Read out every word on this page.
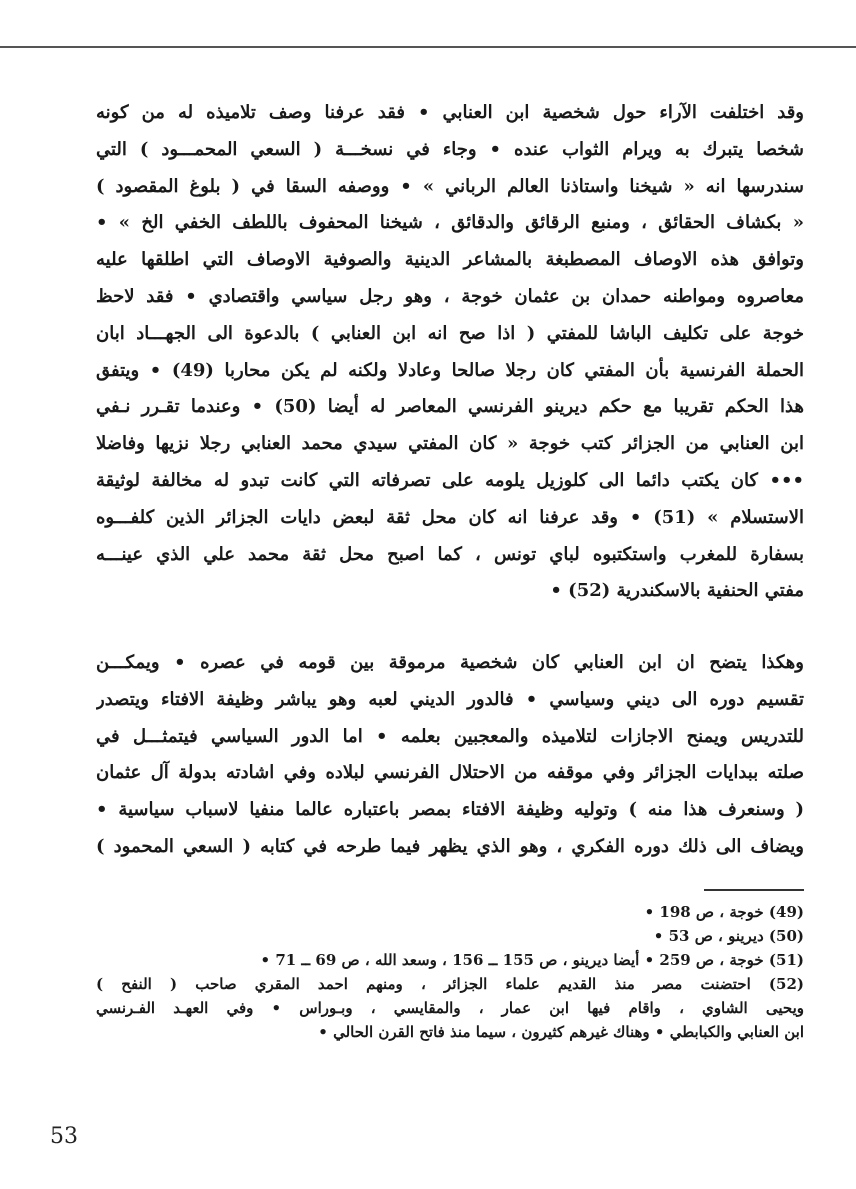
وقد اختلفت الآراء حول شخصية ابن العنابي • فقد عرفنا وصف تلاميذه له من كونه
شخصا يتبرك به ويرام الثواب عنده • وجاء في نسخـــة ( السعي المحمـــود ) التي
سندرسها انه « شيخنا واستاذنا العالم الرباني » • ووصفه السقا في ( بلوغ المقصود )
« بكشاف الحقائق ، ومنبع الرقائق والدقائق ، شيخنا المحفوف باللطف الخفي الخ » •
وتوافق هذه الاوصاف المصطبغة بالمشاعر الدينية والصوفية الاوصاف التي اطلقها عليه
معاصروه ومواطنه حمدان بن عثمان خوجة ، وهو رجل سياسي واقتصادي • فقد لاحظ
خوجة على تكليف الباشا للمفتي ( اذا صح انه ابن العنابي ) بالدعوة الى الجهـــاد ابان
الحملة الفرنسية بأن المفتي كان رجلا صالحا وعادلا ولكنه لم يكن محاربا (49) • ويتفق
هذا الحكم تقريبا مع حكم ديرينو الفرنسي المعاصر له أيضا (50) • وعندما تقـرر نـفي
ابن العنابي من الجزائر كتب خوجة « كان المفتي سيدي محمد العنابي رجلا نزيها وفاضلا
••• كان يكتب دائما الى كلوزيل يلومه على تصرفاته التي كانت تبدو له مخالفة لوثيقة
الاستسلام » (51) • وقد عرفنا انه كان محل ثقة لبعض دايات الجزائر الذين كلفـــوه
بسفارة للمغرب واستكتبوه لباي تونس ، كما اصبح محل ثقة محمد علي الذي عينـــه
مفتي الحنفية بالاسكندرية (52) •
وهكذا يتضح ان ابن العنابي كان شخصية مرموقة بين قومه في عصره • ويمكـــن
تقسيم دوره الى ديني وسياسي • فالدور الديني لعبه وهو يباشر وظيفة الافتاء ويتصدر
للتدريس ويمنح الاجازات لتلاميذه والمعجبين بعلمه • اما الدور السياسي فيتمثـــل في
صلته ببدايات الجزائر وفي موقفه من الاحتلال الفرنسي لبلاده وفي اشادته بدولة آل عثمان
( وسنعرف هذا منه ) وتوليه وظيفة الافتاء بمصر باعتباره عالما منفيا لاسباب سياسية •
ويضاف الى ذلك دوره الفكري ، وهو الذي يظهر فيما طرحه في كتابه ( السعي المحمود )
(49) خوجة ، ص 198 •
(50) ديرينو ، ص 53 •
(51) خوجة ، ص 259 • أيضا ديرينو ، ص 155 ــ 156 ، وسعد الله ، ص 69 ــ 71 •
(52) احتضنت مصر منذ القديم علماء الجزائر ، ومنهم احمد المقري صاحب ( النفح )
ويحيى الشاوي ، واقام فيها ابن عمار ، والمقايسي ، وبـوراس • وفي العهـد الفـرنسي
ابن العنابي والكبابطي • وهناك غيرهم كثيرون ، سيما منذ فاتح القرن الحالي •
53
